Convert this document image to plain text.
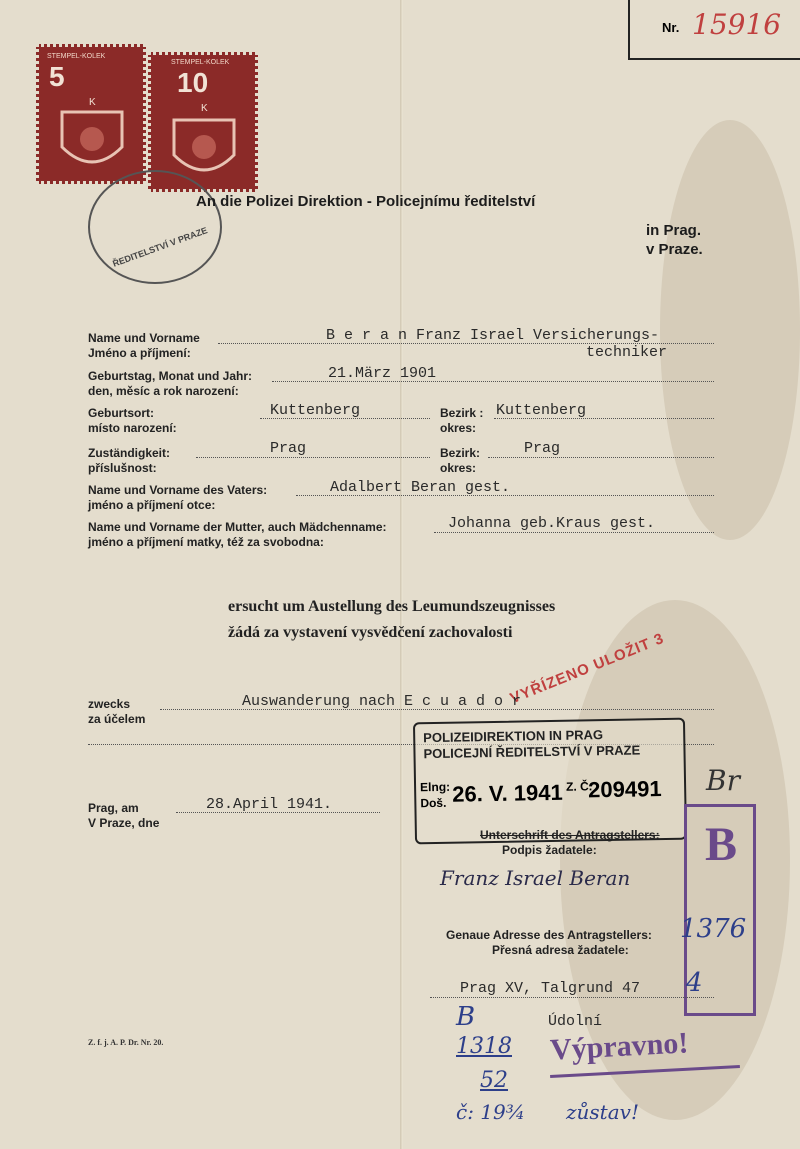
Nr. 15916
STEMPEL-KOLEK
5
K
STEMPEL-KOLEK
10
K
ŘEDITELSTVÍ V PRAZE
An die Polizei Direktion - Policejnímu ředitelství
in Prag.
v Praze.
Name und Vorname
Jméno a příjmení:
B e r a n Franz Israel Versicherungs-
techniker
Geburtstag, Monat und Jahr:
den, měsíc a rok narození:
21.März 1901
Geburtsort:
místo narození:
Kuttenberg	Bezirk :
okres:
Kuttenberg
Zuständigkeit:
příslušnost:
Prag	Bezirk:
okres:
Prag
Name und Vorname des Vaters:
jméno a příjmení otce:
Adalbert Beran gest.
Name und Vorname der Mutter, auch Mädchenname:
jméno a příjmení matky, též za svobodna:
Johanna geb.Kraus gest.
ersucht um Austellung des Leumundszeugnisses
žádá za vystavení vysvědčení zachovalosti
VYŘÍZENO ULOŽIT 3
zwecks
za účelem
Auswanderung nach E c u a d o r
POLIZEIDIREKTION IN PRAG
POLICEJNÍ ŘEDITELSTVÍ V PRAZE
Elng:
Doš. 26. V. 1941 Z. Č.
209491
Prag, am
V Praze, dne
28.April 1941.
Unterschrift des Antragstellers:
Podpis žadatele:
Franz Israel Beran
B
Genaue Adresse des Antragstellers:
Přesná adresa žadatele:
Prag XV, Talgrund 47
Údolní
Br
1376
4
B
1318
52
č: 19¾ zůstav!
Výpravno!
Z. f. j. A. P. Dr. Nr. 20.
